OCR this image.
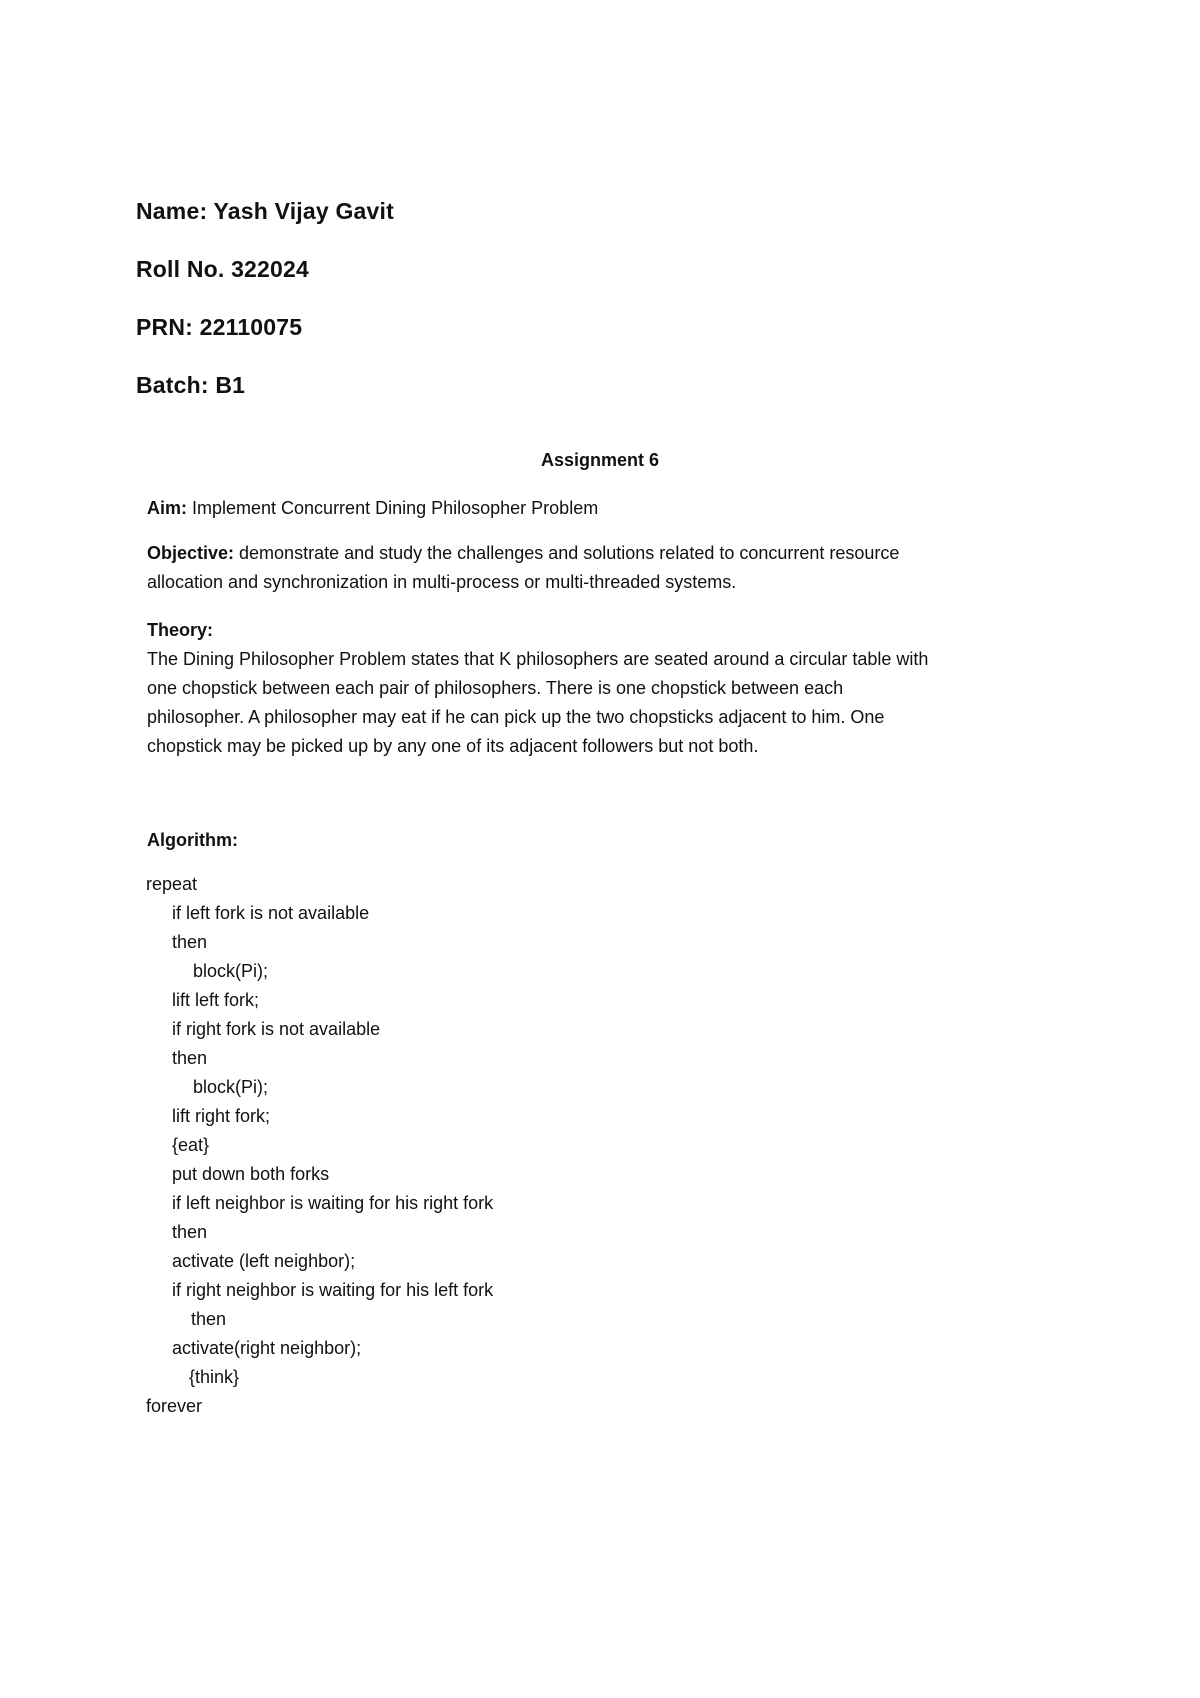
Name: Yash Vijay Gavit
Roll No. 322024
PRN: 22110075
Batch: B1
Assignment 6
Aim: Implement Concurrent Dining Philosopher Problem
Objective: demonstrate and study the challenges and solutions related to concurrent resource
allocation and synchronization in multi-process or multi-threaded systems.
Theory:
The Dining Philosopher Problem states that K philosophers are seated around a circular table with
one chopstick between each pair of philosophers. There is one chopstick between each
philosopher. A philosopher may eat if he can pick up the two chopsticks adjacent to him. One
chopstick may be picked up by any one of its adjacent followers but not both.
Algorithm:
repeat
if left fork is not available
then
block(Pi);
lift left fork;
if right fork is not available
then
block(Pi);
lift right fork;
{eat}
put down both forks
if left neighbor is waiting for his right fork
then
activate (left neighbor);
if right neighbor is waiting for his left fork
then
activate(right neighbor);
{think}
forever
